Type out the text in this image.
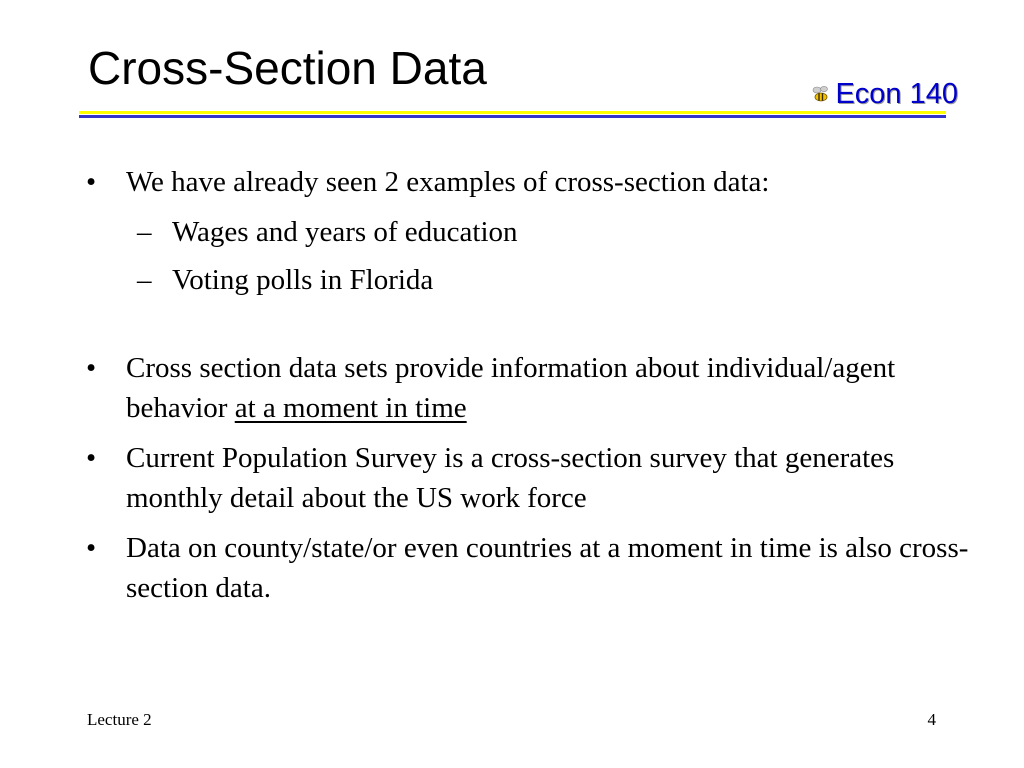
Cross-Section Data	Econ 140

• We have already seen 2 examples of cross-section data:

– Wages and years of education

– Voting polls in Florida

• Cross section data sets provide information about individual/agent behavior at a moment in time

• Current Population Survey is a cross-section survey that generates monthly detail about the US work force

• Data on county/state/or even countries at a moment in time is also cross-section data.

Lecture 2	4
